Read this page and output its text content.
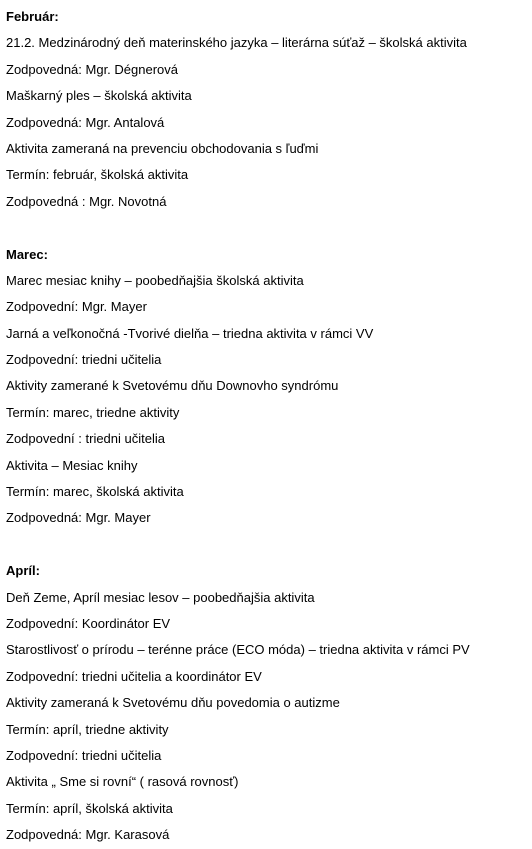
Február:
21.2. Medzinárodný deň materinského jazyka – literárna súťaž – školská aktivita
Zodpovedná: Mgr. Dégnerová
Maškarný ples – školská aktivita
Zodpovedná: Mgr. Antalová
Aktivita zameraná na prevenciu obchodovania s ľuďmi
Termín: február, školská aktivita
Zodpovedná : Mgr. Novotná
Marec:
Marec mesiac knihy – poobedňajšia školská aktivita
Zodpovední: Mgr. Mayer
Jarná a veľkonočná -Tvorivé dielňa – triedna aktivita v rámci VV
Zodpovední: triedni učitelia
Aktivity zamerané k Svetovému dňu Downovho syndrómu
Termín: marec, triedne aktivity
Zodpovední : triedni učitelia
Aktivita – Mesiac knihy
Termín: marec, školská aktivita
Zodpovedná: Mgr. Mayer
Apríl:
Deň Zeme, Apríl mesiac lesov – poobedňajšia aktivita
Zodpovední: Koordinátor EV
Starostlivosť o prírodu – terénne práce (ECO móda) – triedna aktivita v rámci PV
Zodpovední: triedni učitelia a koordinátor EV
Aktivity zameraná k Svetovému dňu povedomia o autizme
Termín: apríl, triedne aktivity
Zodpovední: triedni učitelia
Aktivita „ Sme si rovní“ ( rasová rovnosť)
Termín: apríl, školská aktivita
Zodpovedná: Mgr. Karasová
